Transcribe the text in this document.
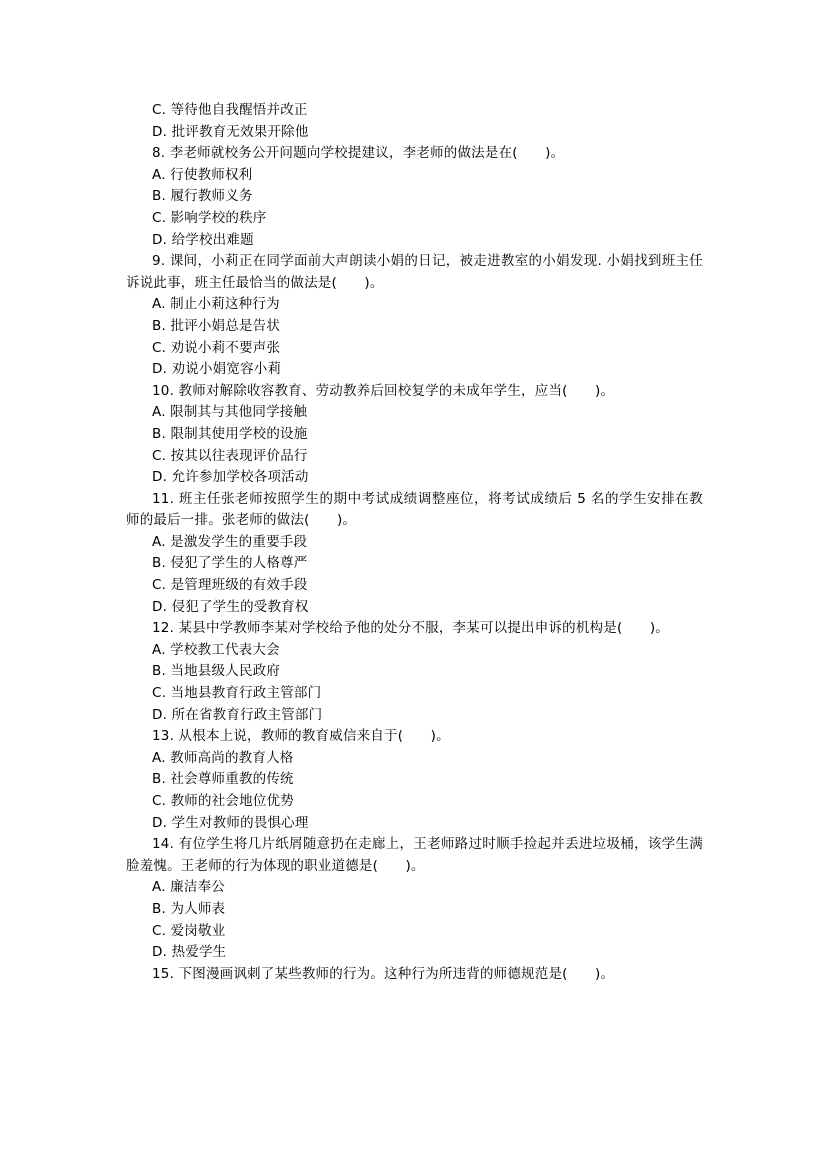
C. 等待他自我醒悟并改正
D. 批评教育无效果开除他
8. 李老师就校务公开问题向学校提建议，李老师的做法是在(　　)。
A. 行使教师权利
B. 履行教师义务
C. 影响学校的秩序
D. 给学校出难题
9. 课间，小莉正在同学面前大声朗读小娟的日记，被走进教室的小娟发现. 小娟找到班主任诉说此事，班主任最恰当的做法是(　　)。
A. 制止小莉这种行为
B. 批评小娟总是告状
C. 劝说小莉不要声张
D. 劝说小娟宽容小莉
10. 教师对解除收容教育、劳动教养后回校复学的未成年学生，应当(　　)。
A. 限制其与其他同学接触
B. 限制其使用学校的设施
C. 按其以往表现评价品行
D. 允许参加学校各项活动
11. 班主任张老师按照学生的期中考试成绩调整座位，将考试成绩后 5 名的学生安排在教师的最后一排。张老师的做法(　　)。
A. 是激发学生的重要手段
B. 侵犯了学生的人格尊严
C. 是管理班级的有效手段
D. 侵犯了学生的受教育权
12. 某县中学教师李某对学校给予他的处分不服，李某可以提出申诉的机构是(　　)。
A. 学校教工代表大会
B. 当地县级人民政府
C. 当地县教育行政主管部门
D. 所在省教育行政主管部门
13. 从根本上说，教师的教育威信来自于(　　)。
A. 教师高尚的教育人格
B. 社会尊师重教的传统
C. 教师的社会地位优势
D. 学生对教师的畏惧心理
14. 有位学生将几片纸屑随意扔在走廊上，王老师路过时顺手捡起并丢进垃圾桶，该学生满脸羞愧。王老师的行为体现的职业道德是(　　)。
A. 廉洁奉公
B. 为人师表
C. 爱岗敬业
D. 热爱学生
15. 下图漫画讽刺了某些教师的行为。这种行为所违背的师德规范是(　　)。
